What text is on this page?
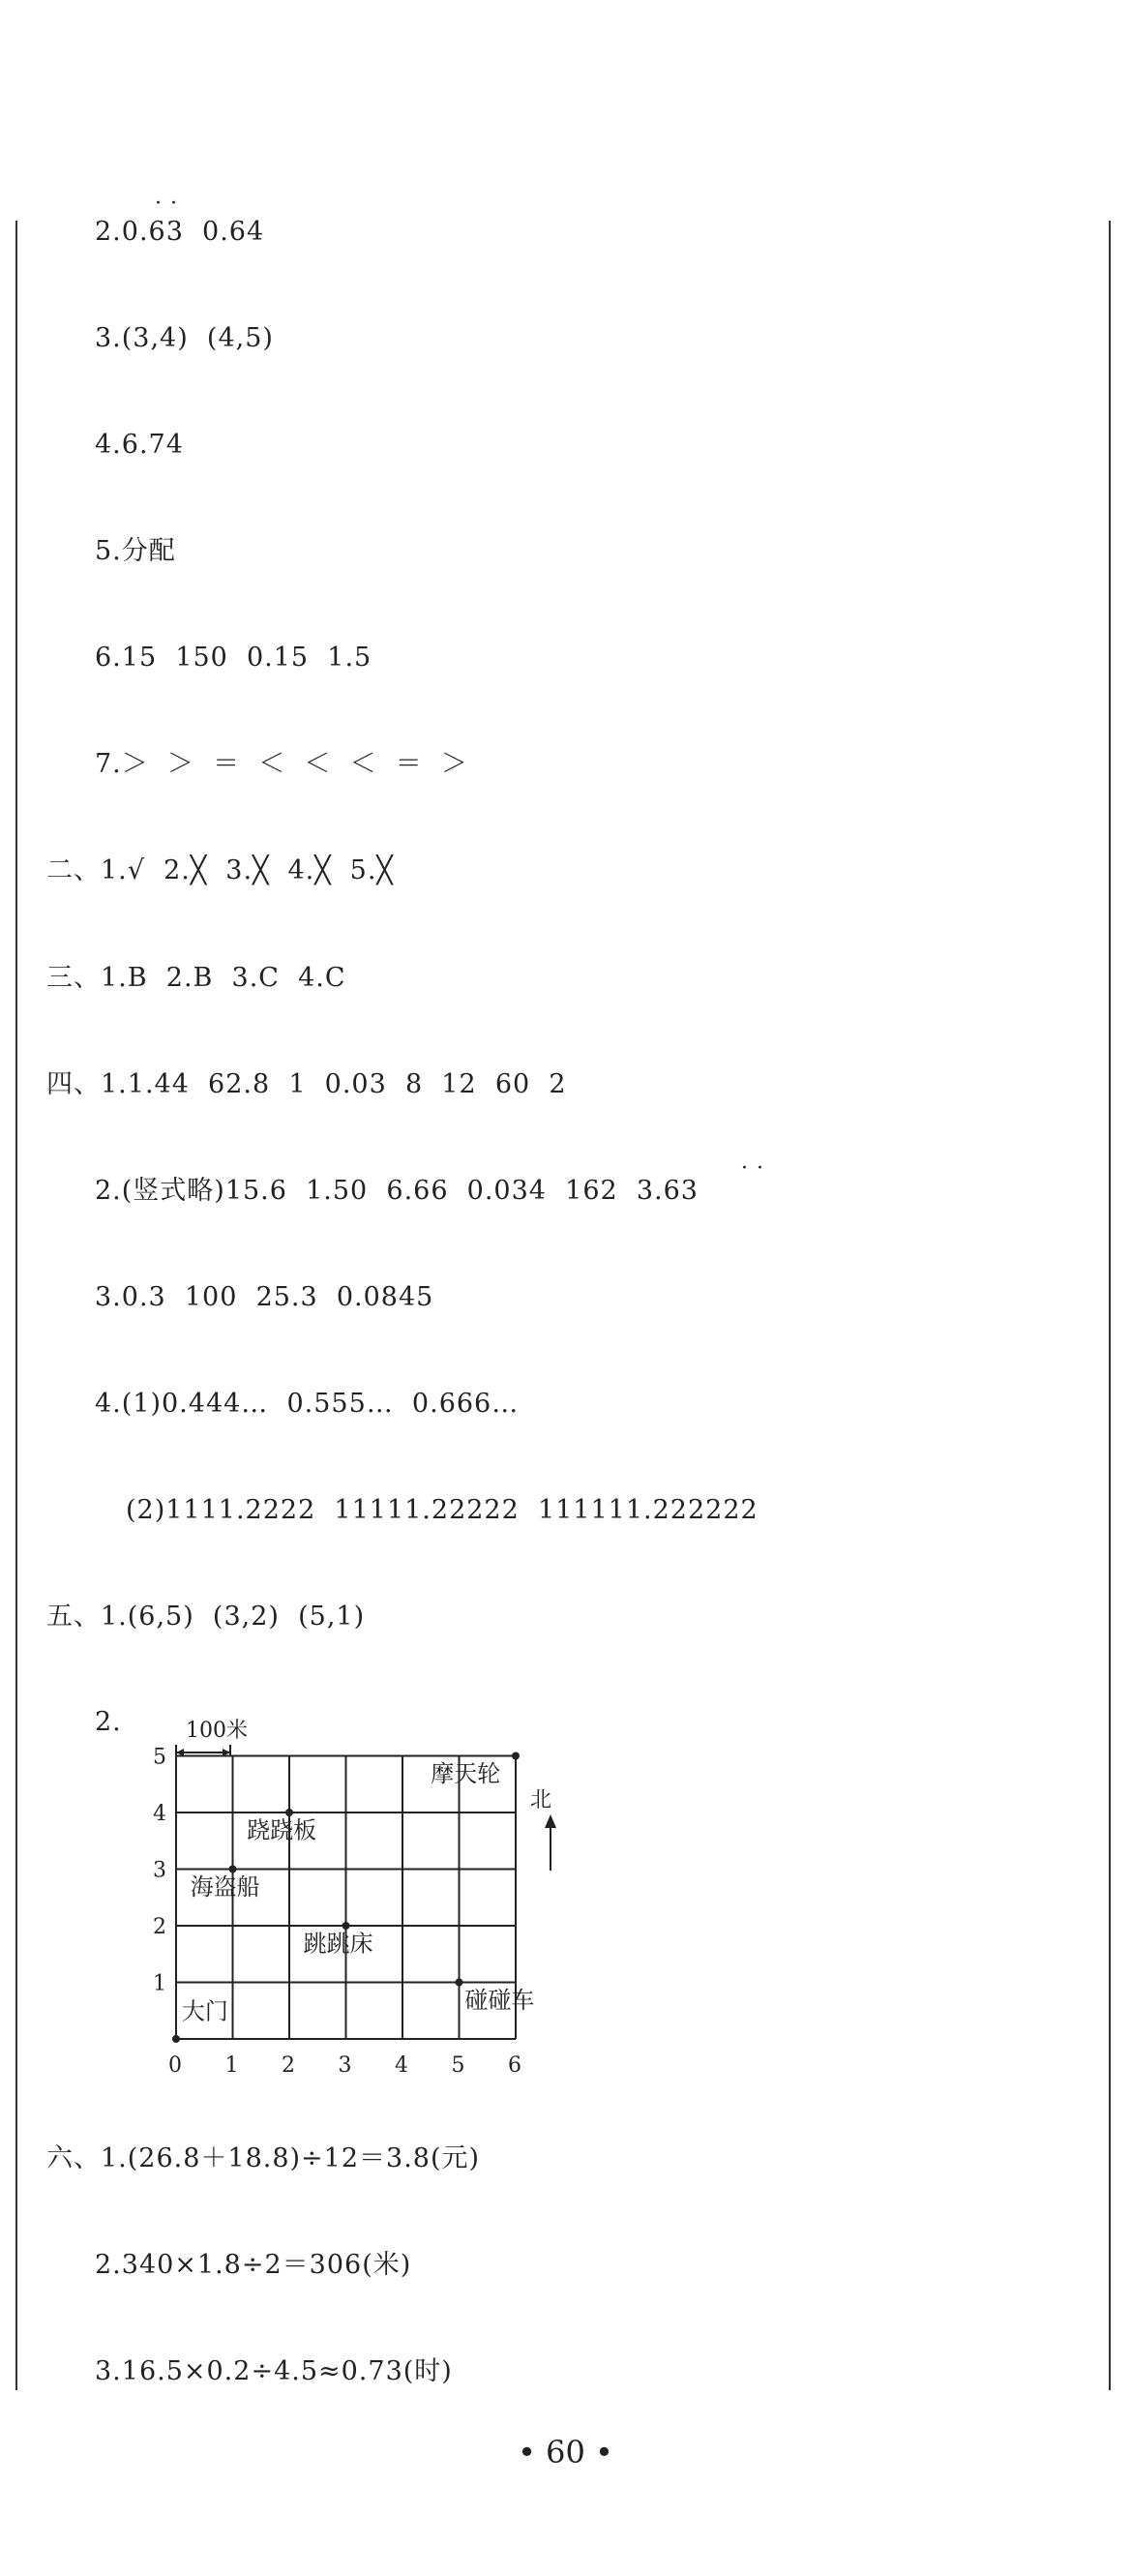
· ·
2.0.63  0.64
3.(3,4)  (4,5)
4.6.74
5.分配
6.15  150  0.15  1.5
7.＞  ＞  ＝  ＜  ＜  ＜  ＝  ＞
二、1.√  2.╳  3.╳  4.╳  5.╳
三、1.B  2.B  3.C  4.C
四、1.1.44  62.8  1  0.03  8  12  60  2
· ·
2.(竖式略)15.6  1.50  6.66  0.034  162  3.63
3.0.3  100  25.3  0.0845
4.(1)0.444…  0.555…  0.666…
(2)1111.2222  11111.22222  111111.222222
五、1.(6,5)  (3,2)  (5,1)
2.	100米
北
0 1 2 3 4 5 6
1
2
3
4
5
摩天轮
跷跷板
海盗船
跳跳床
碰碰车
大门
六、1.(26.8＋18.8)÷12＝3.8(元)
2.340×1.8÷2＝306(米)
3.16.5×0.2÷4.5≈0.73(时)
• 60 •
